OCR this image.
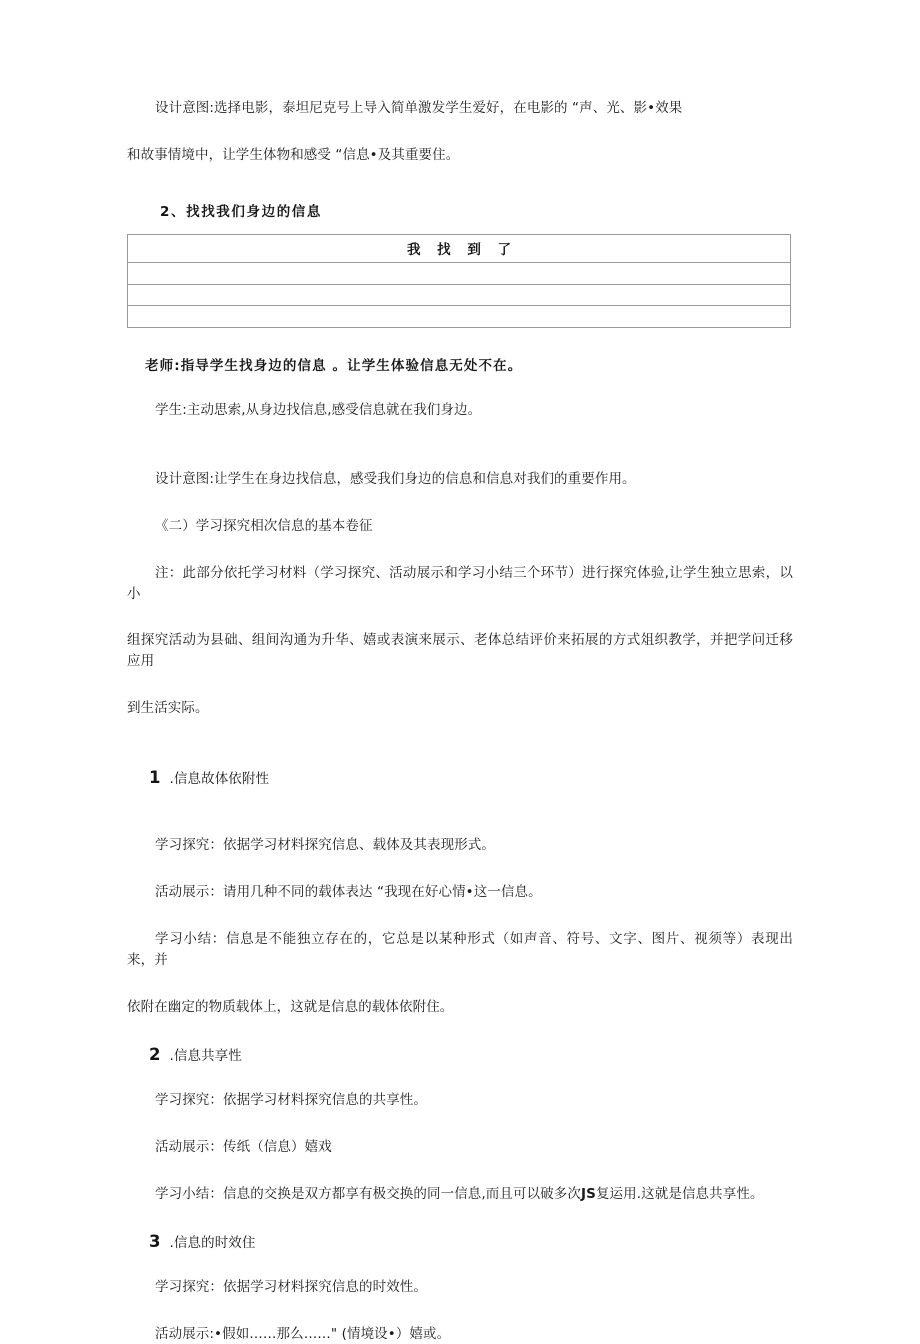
设计意图:选择电影，泰坦尼克号上导入简单激发学生爱好，在电影的 “声、光、影•效果

和故事情境中，让学生体物和感受 “信息•及其重要住。

2、找找我们身边的信息

我 找 到 了

老师:指导学生找身边的信息 。让学生体验信息无处不在。

学生:主动思索,从身边找信息,感受信息就在我们身边。

设计意图:让学生在身边找信息，感受我们身边的信息和信息对我们的重要作用。

《二）学习探究相次信息的基本卷征

注：此部分依托学习材料（学习探究、活动展示和学习小结三个环节）进行探究体验,让学生独立思索，以小

组探究活动为县础、组间沟通为升华、嬉或表演来展示、老体总结评价来拓展的方式俎织教学，并把学问迁移应用

到生活实际。

1 .信息故体依附性

学习探究：依据学习材料探究信息、载体及其表现形式。

活动展示：请用几种不同的载体表达 “我现在好心情•这一信息。

学习小结：信息是不能独立存在的，它总是以某种形式（如声音、符号、文字、图片、视须等）表现出来，并

依附在幽定的物质载体上，这就是信息的载体依附住。

2 .信息共享性

学习探究：依据学习材料探究信息的共享性。

活动展示：传纸（信息）嬉戏

学习小结：信息的交换是双方都享有极交换的同一信息,而且可以破多次JS复运用.这就是信息共享性。

3 .信息的时效住

学习探究：依据学习材料探究信息的时效性。

活动展示:•假如……那么……" (情境设•）嬉或。
